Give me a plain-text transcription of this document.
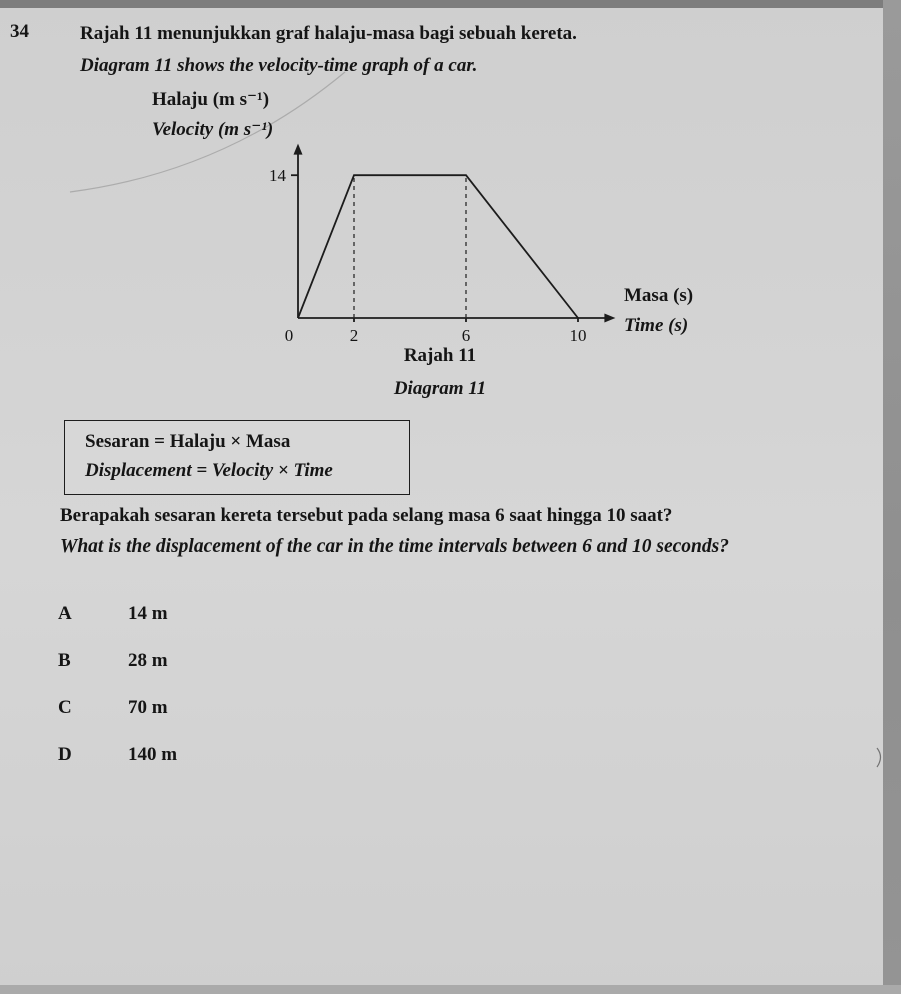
34	Rajah 11 menunjukkan graf halaju-masa bagi sebuah kereta.
Diagram 11 shows the velocity-time graph of a car.
Halaju (m s⁻¹)
Velocity (m s⁻¹)
14
0	2	6	10
Masa (s)
Time (s)
Rajah 11
Diagram 11
Sesaran = Halaju × Masa
Displacement = Velocity × Time
Berapakah sesaran kereta tersebut pada selang masa 6 saat hingga 10 saat?
What is the displacement of the car in the time intervals between 6 and 10 seconds?
A	14 m
B	28 m
C	70 m
D	140 m
